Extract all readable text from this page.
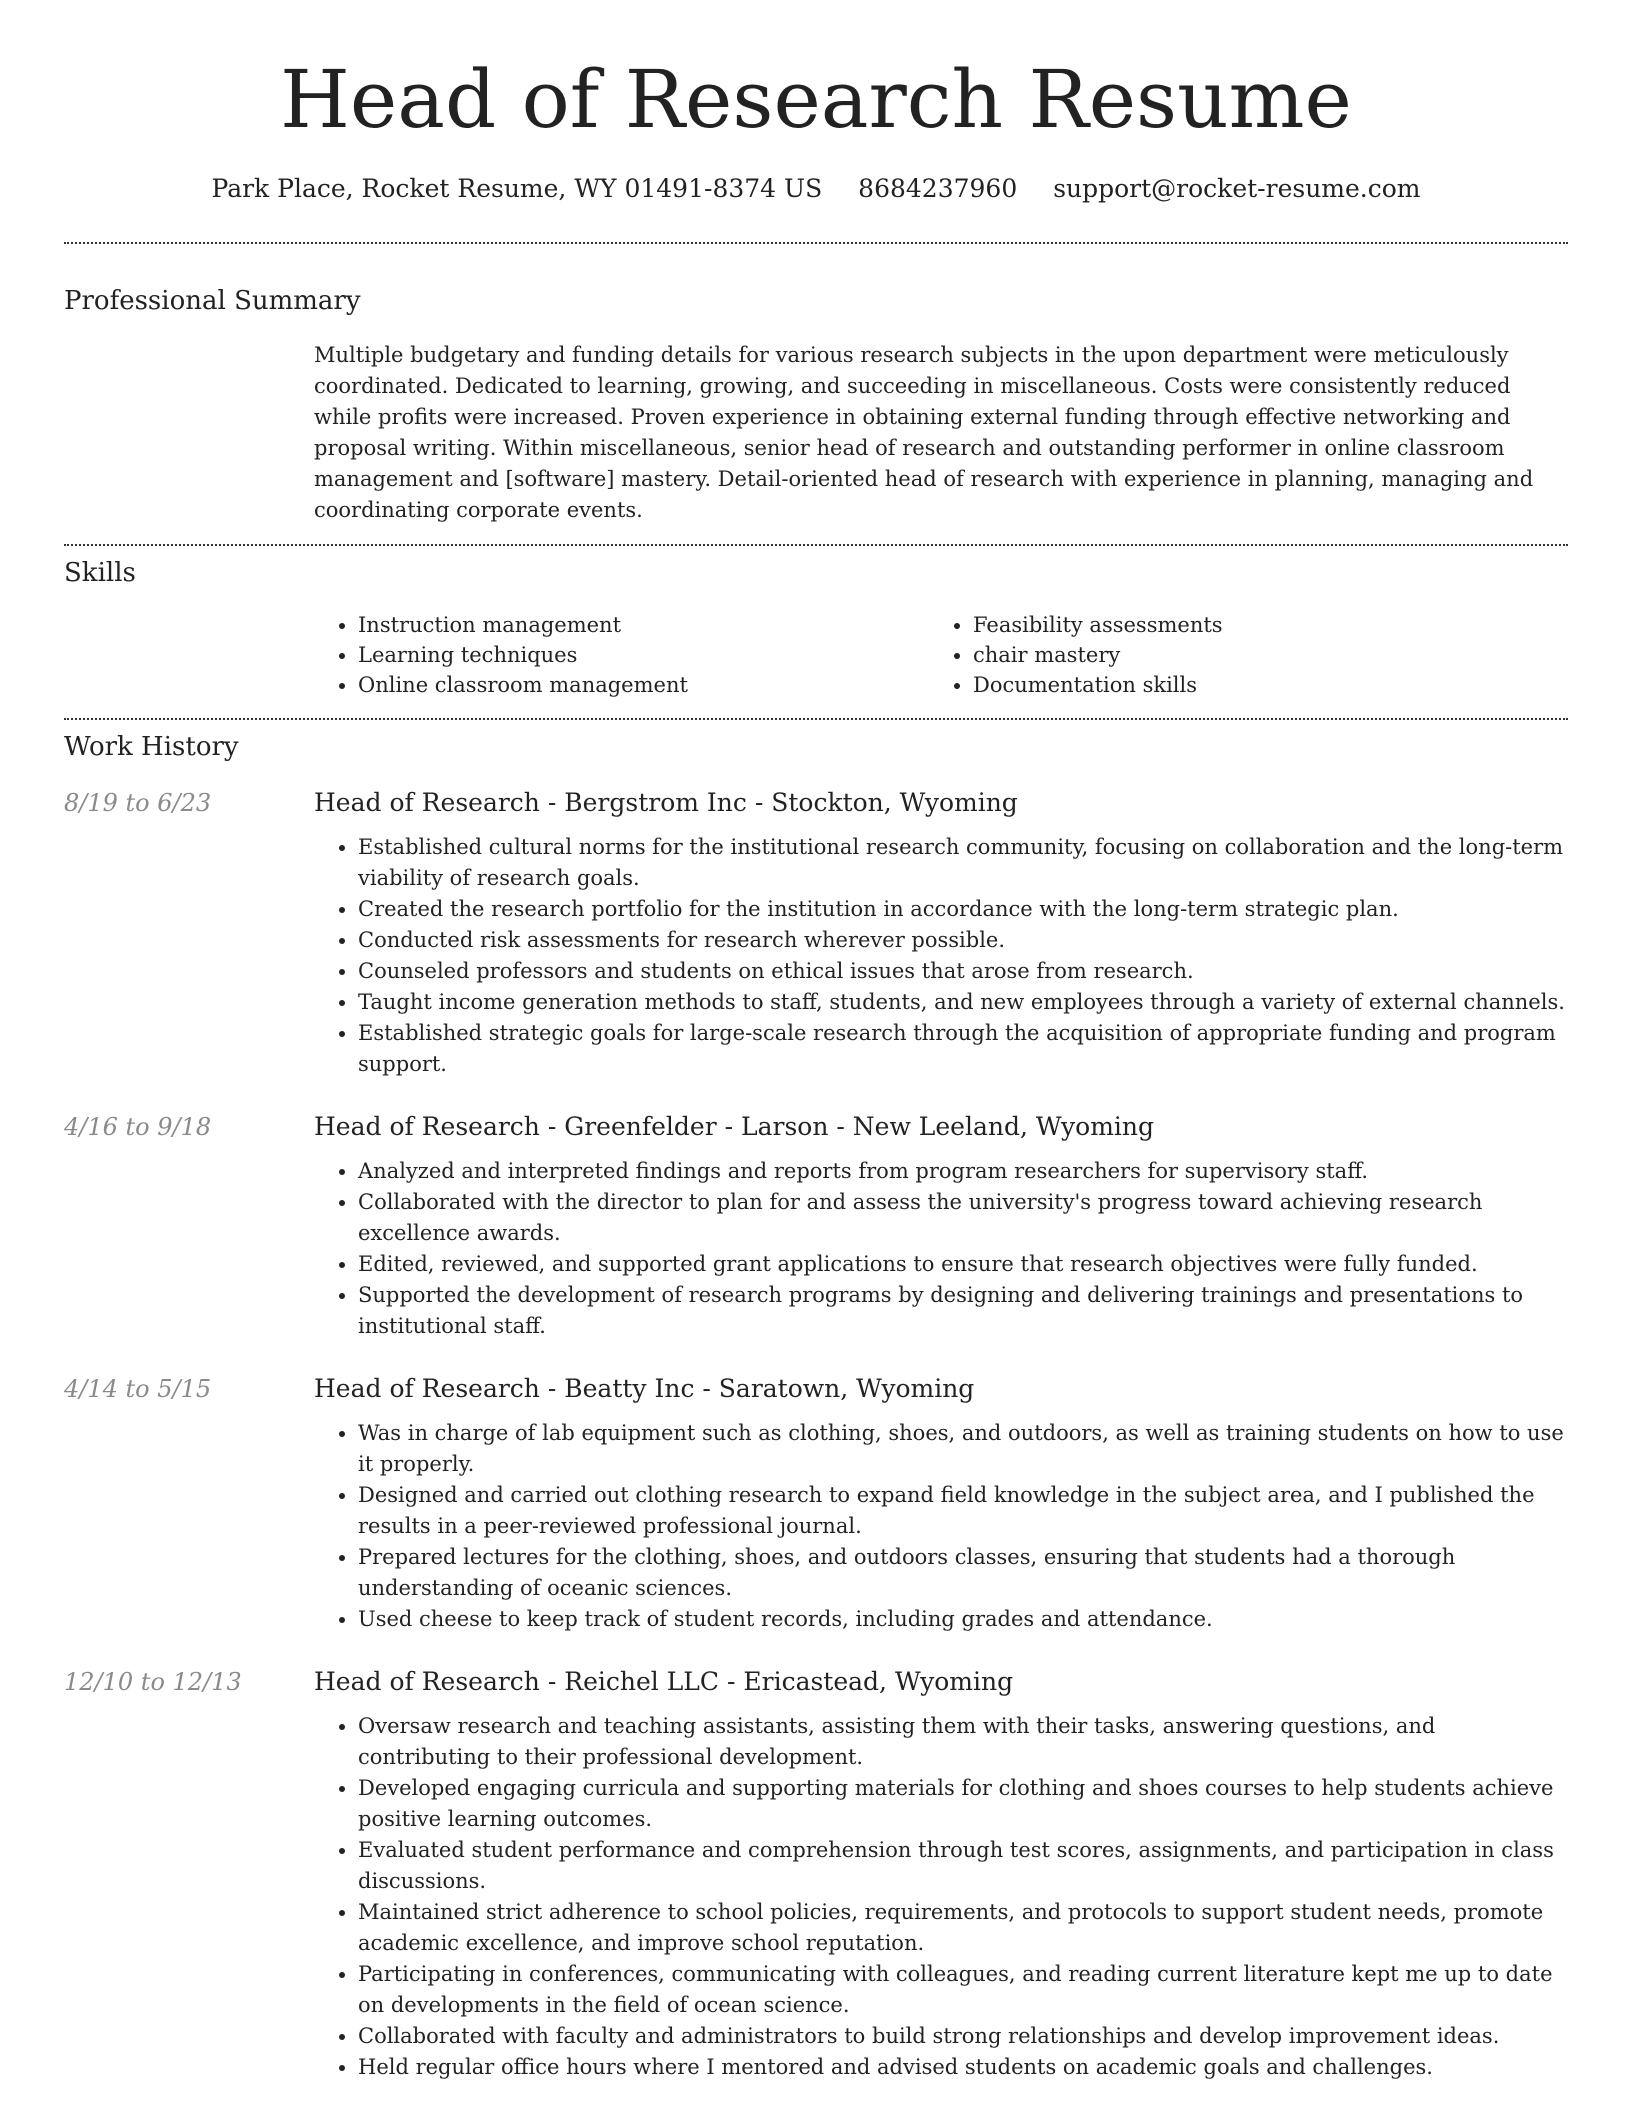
Head of Research Resume
Park Place, Rocket Resume, WY 01491-8374 US 8684237960 support@rocket-resume.com
Professional Summary

Multiple budgetary and funding details for various research subjects in the upon department were meticulously coordinated. Dedicated to learning, growing, and succeeding in miscellaneous. Costs were consistently reduced while profits were increased. Proven experience in obtaining external funding through effective networking and proposal writing. Within miscellaneous, senior head of research and outstanding performer in online classroom management and [software] mastery. Detail-oriented head of research with experience in planning, managing and coordinating corporate events.

Skills
• Instruction management
• Learning techniques
• Online classroom management
• Feasibility assessments
• chair mastery
• Documentation skills
Work History
8/19 to 6/23	Head of Research - Bergstrom Inc - Stockton, Wyoming
• Established cultural norms for the institutional research community, focusing on collaboration and the long-term viability of research goals.
• Created the research portfolio for the institution in accordance with the long-term strategic plan.
• Conducted risk assessments for research wherever possible.
• Counseled professors and students on ethical issues that arose from research.
• Taught income generation methods to staff, students, and new employees through a variety of external channels.
• Established strategic goals for large-scale research through the acquisition of appropriate funding and program support.
4/16 to 9/18	Head of Research - Greenfelder - Larson - New Leeland, Wyoming
• Analyzed and interpreted findings and reports from program researchers for supervisory staff.
• Collaborated with the director to plan for and assess the university's progress toward achieving research excellence awards.
• Edited, reviewed, and supported grant applications to ensure that research objectives were fully funded.
• Supported the development of research programs by designing and delivering trainings and presentations to institutional staff.
4/14 to 5/15	Head of Research - Beatty Inc - Saratown, Wyoming
• Was in charge of lab equipment such as clothing, shoes, and outdoors, as well as training students on how to use it properly.
• Designed and carried out clothing research to expand field knowledge in the subject area, and I published the results in a peer-reviewed professional journal.
• Prepared lectures for the clothing, shoes, and outdoors classes, ensuring that students had a thorough understanding of oceanic sciences.
• Used cheese to keep track of student records, including grades and attendance.
12/10 to 12/13	Head of Research - Reichel LLC - Ericastead, Wyoming
• Oversaw research and teaching assistants, assisting them with their tasks, answering questions, and contributing to their professional development.
• Developed engaging curricula and supporting materials for clothing and shoes courses to help students achieve positive learning outcomes.
• Evaluated student performance and comprehension through test scores, assignments, and participation in class discussions.
• Maintained strict adherence to school policies, requirements, and protocols to support student needs, promote academic excellence, and improve school reputation.
• Participating in conferences, communicating with colleagues, and reading current literature kept me up to date on developments in the field of ocean science.
• Collaborated with faculty and administrators to build strong relationships and develop improvement ideas.
• Held regular office hours where I mentored and advised students on academic goals and challenges.
